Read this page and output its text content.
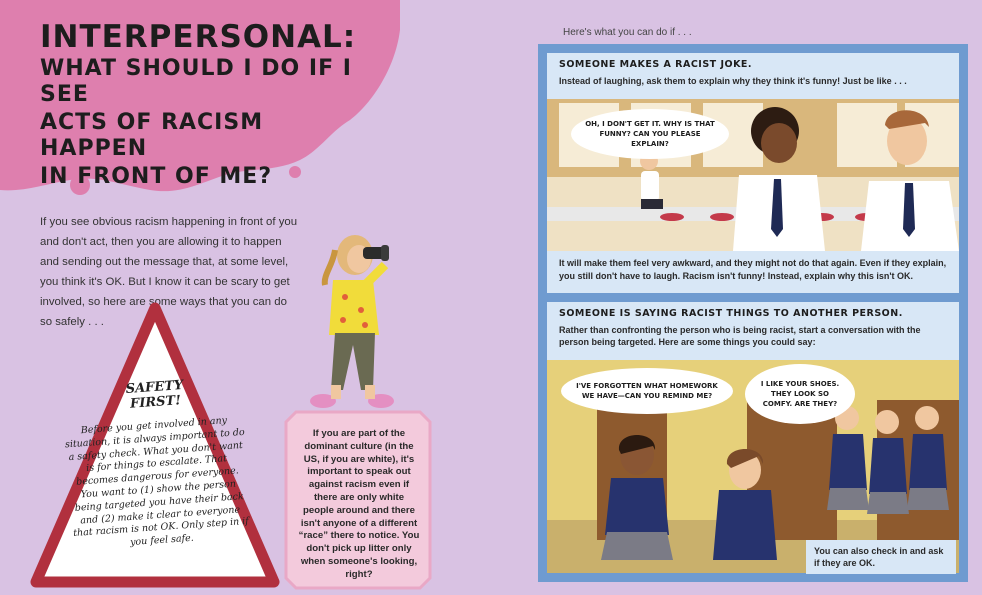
INTERPERSONAL:
WHAT SHOULD I DO IF I SEE
ACTS OF RACISM HAPPEN
IN FRONT OF ME?

If you see obvious racism happening in front of you and don't act, then you are allowing it to happen and sending out the message that, at some level, you think it's OK. But I know it can be scary to get involved, so here are some ways that you can do so safely . . .

SAFETY
FIRST!
Before you get involved in any situation, it is always important to do a safety check. What you don't want is for things to escalate. That becomes dangerous for everyone. You want to (1) show the person being targeted you have their back and (2) make it clear to everyone that racism is not OK. Only step in if you feel safe.
If you are part of the dominant culture (in the US, if you are white), it's important to speak out against racism even if there are only white people around and there isn't anyone of a different “race” there to notice. You don't pick up litter only when someone's looking, right?
Here's what you can do if . . .
SOMEONE MAKES A RACIST JOKE.
Instead of laughing, ask them to explain why they think it's funny! Just be like . . .
OH, I DON'T GET IT. WHY IS THAT FUNNY? CAN YOU PLEASE EXPLAIN?
It will make them feel very awkward, and they might not do that again. Even if they explain, you still don't have to laugh. Racism isn't funny! Instead, explain why this isn't OK.
SOMEONE IS SAYING RACIST THINGS TO ANOTHER PERSON.
Rather than confronting the person who is being racist, start a conversation with the person being targeted. Here are some things you could say:
I'VE FORGOTTEN WHAT HOMEWORK WE HAVE—CAN YOU REMIND ME?
I LIKE YOUR SHOES. THEY LOOK SO COMFY. ARE THEY?
You can also check in and ask if they are OK.
